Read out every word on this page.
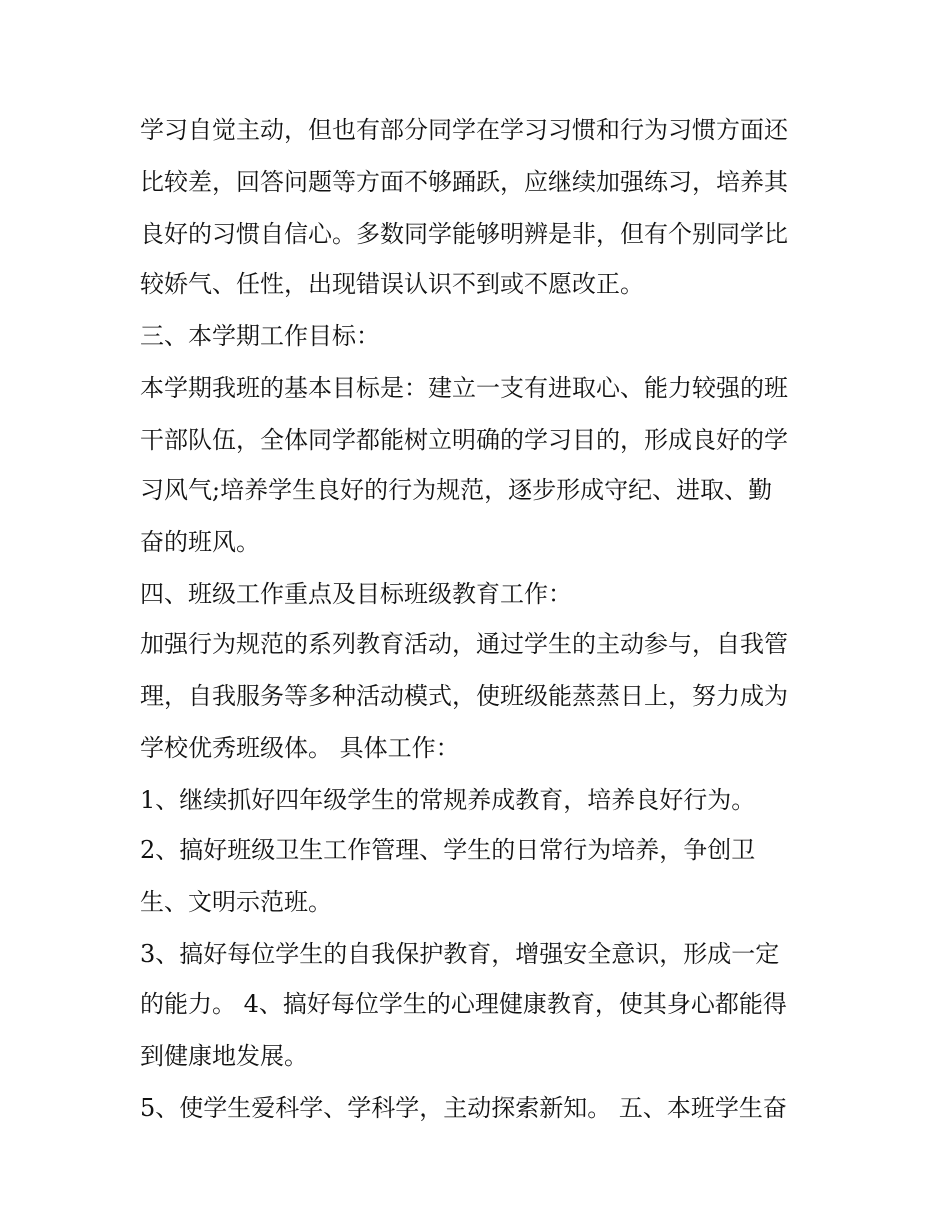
学习自觉主动，但也有部分同学在学习习惯和行为习惯方面还
比较差，回答问题等方面不够踊跃，应继续加强练习，培养其
良好的习惯自信心。多数同学能够明辨是非，但有个别同学比
较娇气、任性，出现错误认识不到或不愿改正。
三、本学期工作目标：
本学期我班的基本目标是：建立一支有进取心、能力较强的班
干部队伍，全体同学都能树立明确的学习目的，形成良好的学
习风气;培养学生良好的行为规范，逐步形成守纪、进取、勤
奋的班风。
四、班级工作重点及目标班级教育工作：
加强行为规范的系列教育活动，通过学生的主动参与，自我管
理，自我服务等多种活动模式，使班级能蒸蒸日上，努力成为
学校优秀班级体。 具体工作：
1、继续抓好四年级学生的常规养成教育，培养良好行为。
2、搞好班级卫生工作管理、学生的日常行为培养，争创卫
生、文明示范班。
3、搞好每位学生的自我保护教育，增强安全意识，形成一定
的能力。 4、搞好每位学生的心理健康教育，使其身心都能得
到健康地发展。
5、使学生爱科学、学科学，主动探索新知。 五、本班学生奋
